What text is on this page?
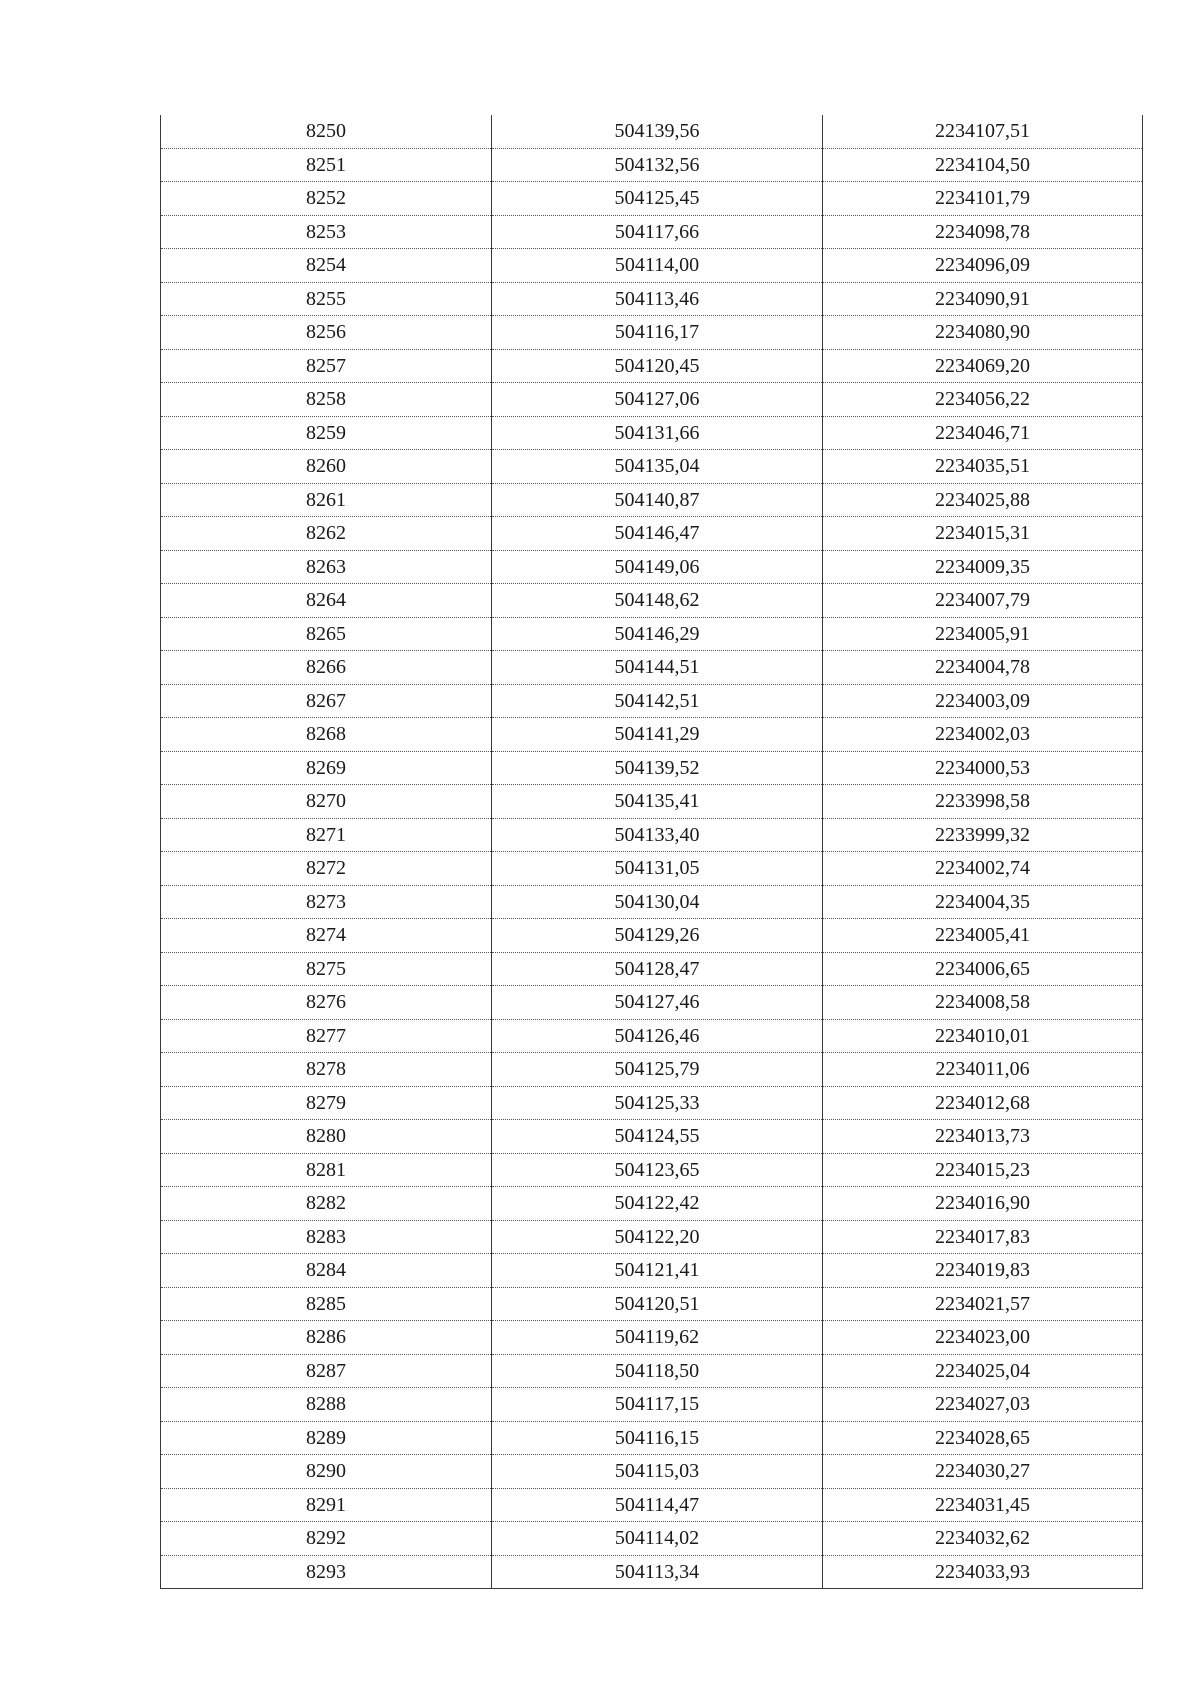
8250	504139,56	2234107,51
8251	504132,56	2234104,50
8252	504125,45	2234101,79
8253	504117,66	2234098,78
8254	504114,00	2234096,09
8255	504113,46	2234090,91
8256	504116,17	2234080,90
8257	504120,45	2234069,20
8258	504127,06	2234056,22
8259	504131,66	2234046,71
8260	504135,04	2234035,51
8261	504140,87	2234025,88
8262	504146,47	2234015,31
8263	504149,06	2234009,35
8264	504148,62	2234007,79
8265	504146,29	2234005,91
8266	504144,51	2234004,78
8267	504142,51	2234003,09
8268	504141,29	2234002,03
8269	504139,52	2234000,53
8270	504135,41	2233998,58
8271	504133,40	2233999,32
8272	504131,05	2234002,74
8273	504130,04	2234004,35
8274	504129,26	2234005,41
8275	504128,47	2234006,65
8276	504127,46	2234008,58
8277	504126,46	2234010,01
8278	504125,79	2234011,06
8279	504125,33	2234012,68
8280	504124,55	2234013,73
8281	504123,65	2234015,23
8282	504122,42	2234016,90
8283	504122,20	2234017,83
8284	504121,41	2234019,83
8285	504120,51	2234021,57
8286	504119,62	2234023,00
8287	504118,50	2234025,04
8288	504117,15	2234027,03
8289	504116,15	2234028,65
8290	504115,03	2234030,27
8291	504114,47	2234031,45
8292	504114,02	2234032,62
8293	504113,34	2234033,93
